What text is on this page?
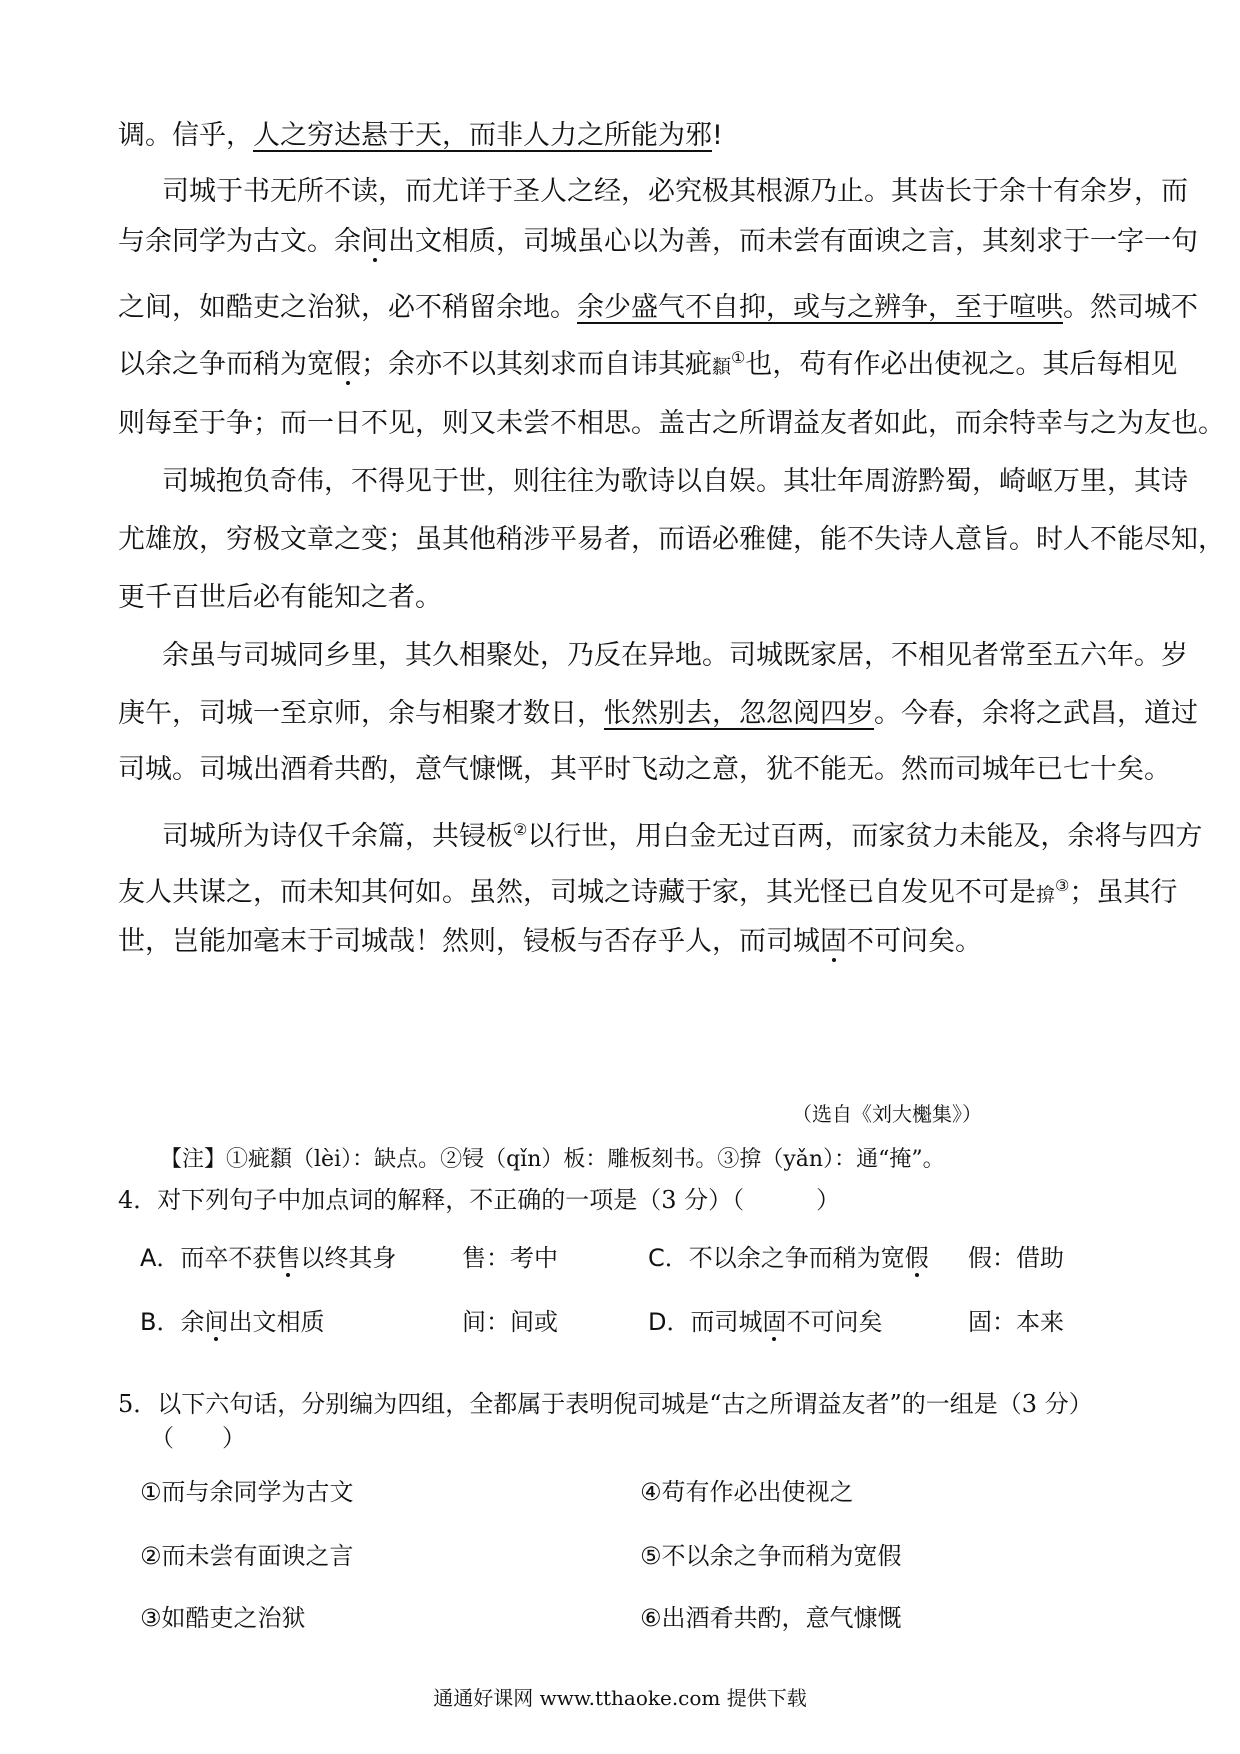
调。信乎，人之穷达悬于天，而非人力之所能为邪!
司城于书无所不读，而尤详于圣人之经，必究极其根源乃止。其齿长于余十有余岁，而
与余同学为古文。余间出文相质，司城虽心以为善，而未尝有面谀之言，其刻求于一字一句
之间，如酷吏之治狱，必不稍留余地。余少盛气不自抑，或与之辨争，至于喧哄。然司城不
以余之争而稍为宽假；余亦不以其刻求而自讳其疵纇①也，苟有作必出使视之。其后每相见
则每至于争；而一日不见，则又未尝不相思。盖古之所谓益友者如此，而余特幸与之为友也。
司城抱负奇伟，不得见于世，则往往为歌诗以自娱。其壮年周游黔蜀，崎岖万里，其诗
尤雄放，穷极文章之变；虽其他稍涉平易者，而语必雅健，能不失诗人意旨。时人不能尽知，
更千百世后必有能知之者。
余虽与司城同乡里，其久相聚处，乃反在异地。司城既家居，不相见者常至五六年。岁
庚午，司城一至京师，余与相聚才数日，怅然别去，忽忽阅四岁。今春，余将之武昌，道过
司城。司城出酒肴共酌，意气慷慨，其平时飞动之意，犹不能无。然而司城年已七十矣。
司城所为诗仅千余篇，共锓板②以行世，用白金无过百两，而家贫力未能及，余将与四方
友人共谋之，而未知其何如。虽然，司城之诗藏于家，其光怪已自发见不可是揜③；虽其行
世，岂能加毫末于司城哉！然则，锓板与否存乎人，而司城固不可问矣。
（选自《刘大櫆集》）
【注】①疵纇（lèi）：缺点。②锓（qǐn）板：雕板刻书。③揜（yǎn）：通“掩”。
4．对下列句子中加点词的解释，不正确的一项是（3 分）（　　　）
A．而卒不获售以终其身	售：考中	C．不以余之争而稍为宽假 假：借助
B．余间出文相质	间：间或	D．而司城固不可问矣	固：本来
5．以下六句话，分别编为四组，全都属于表明倪司城是“古之所谓益友者”的一组是（3 分）
（　　）
①而与余同学为古文	④苟有作必出使视之
②而未尝有面谀之言	⑤不以余之争而稍为宽假
③如酷吏之治狱	⑥出酒肴共酌，意气慷慨
通通好课网 www.tthaoke.com 提供下载
